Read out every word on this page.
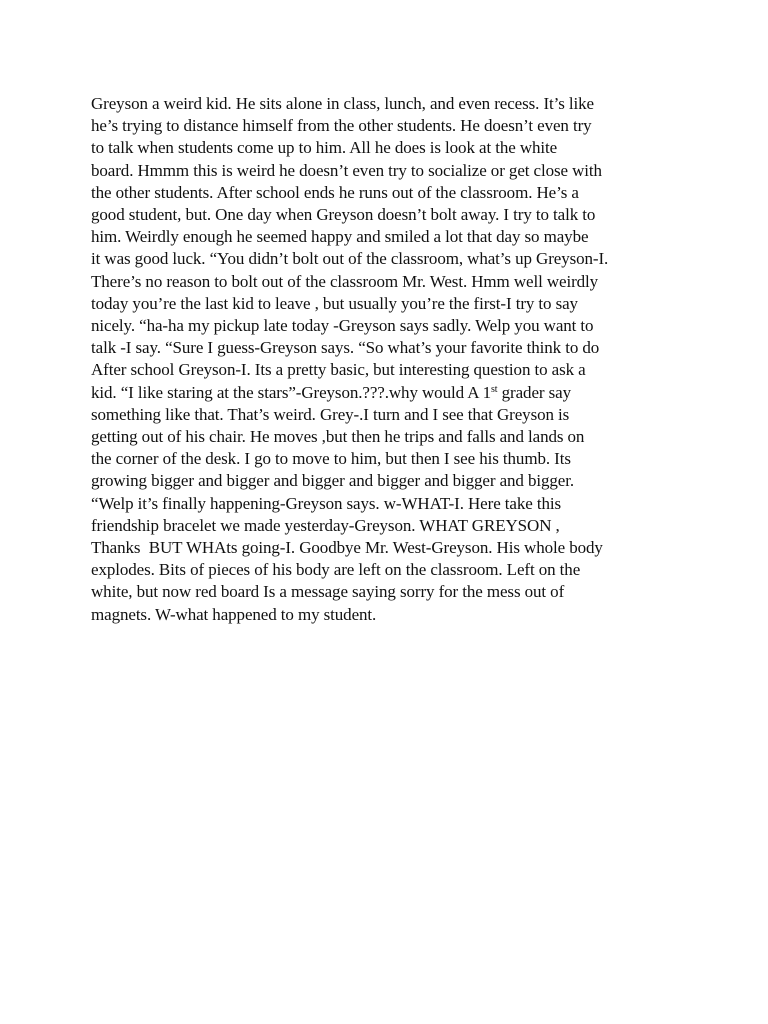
Greyson a weird kid. He sits alone in class, lunch, and even recess. It’s like
he’s trying to distance himself from the other students. He doesn’t even try
to talk when students come up to him. All he does is look at the white
board. Hmmm this is weird he doesn’t even try to socialize or get close with
the other students. After school ends he runs out of the classroom. He’s a
good student, but. One day when Greyson doesn’t bolt away. I try to talk to
him. Weirdly enough he seemed happy and smiled a lot that day so maybe
it was good luck. “You didn’t bolt out of the classroom, what’s up Greyson-I.
There’s no reason to bolt out of the classroom Mr. West. Hmm well weirdly
today you’re the last kid to leave , but usually you’re the first-I try to say
nicely. “ha-ha my pickup late today -Greyson says sadly. Welp you want to
talk -I say. “Sure I guess-Greyson says. “So what’s your favorite think to do
After school Greyson-I. Its a pretty basic, but interesting question to ask a
kid. “I like staring at the stars”-Greyson.???.why would A 1st grader say
something like that. That’s weird. Grey-.I turn and I see that Greyson is
getting out of his chair. He moves ,but then he trips and falls and lands on
the corner of the desk. I go to move to him, but then I see his thumb. Its
growing bigger and bigger and bigger and bigger and bigger and bigger.
“Welp it’s finally happening-Greyson says. w-WHAT-I. Here take this
friendship bracelet we made yesterday-Greyson. WHAT GREYSON ,
Thanks  BUT WHAts going-I. Goodbye Mr. West-Greyson. His whole body
explodes. Bits of pieces of his body are left on the classroom. Left on the
white, but now red board Is a message saying sorry for the mess out of
magnets. W-what happened to my student.
